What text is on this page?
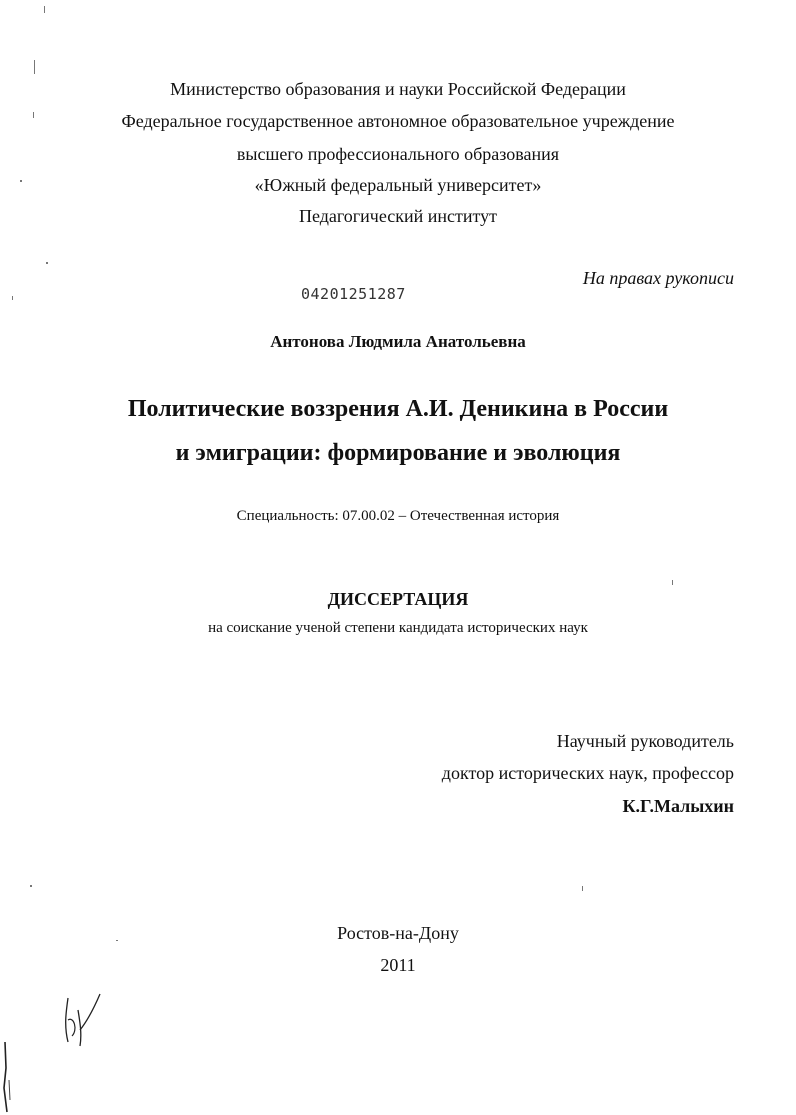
Министерство образования и науки Российской Федерации
Федеральное государственное автономное образовательное учреждение
высшего профессионального образования
«Южный федеральный университет»
Педагогический институт
На правах рукописи
04201251287
Антонова Людмила Анатольевна
Политические воззрения А.И. Деникина в России
и эмиграции: формирование и эволюция
Специальность: 07.00.02 – Отечественная история
ДИССЕРТАЦИЯ
на соискание ученой степени кандидата исторических наук
Научный руководитель
доктор исторических наук, профессор
К.Г.Малыхин
Ростов-на-Дону
2011
